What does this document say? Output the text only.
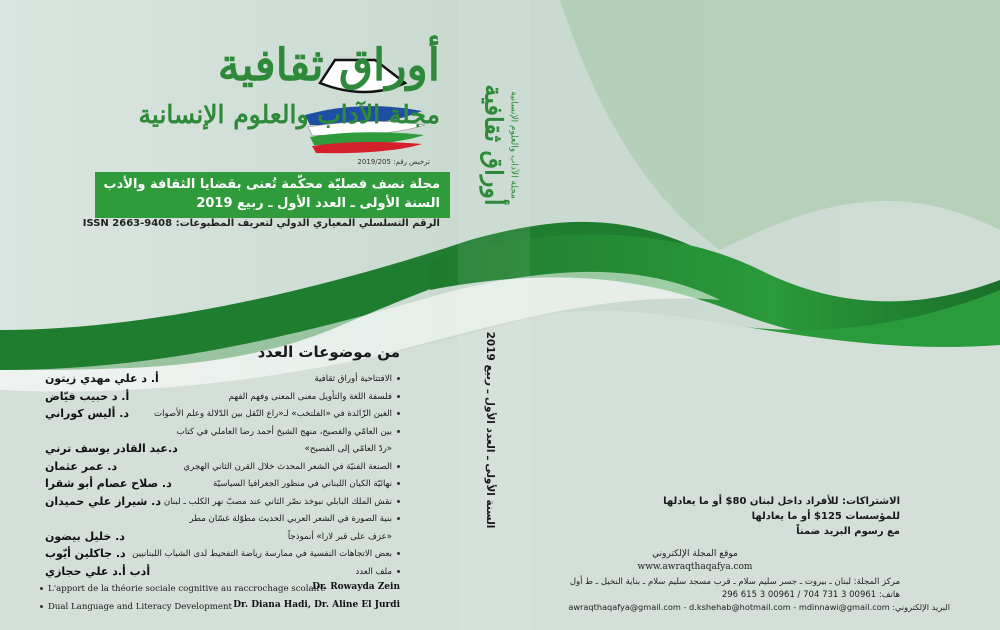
أوراق ثقافية
مجلة الآداب والعلوم الإنسانية
ترخيص رقم: 2019/205
مجلة نصف فصليّة محكّمة تُعنى بقضايا الثقافة والأدب
السنة الأولى ـ العدد الأول ـ ربيع 2019
الرقم التسلسلي المعياري الدولي لتعريف المطبوعات: ISSN 2663-9408
أوراق ثقافية مجلة الآداب والعلوم الإنسانية
السنة الأولى ـ العدد الأول ـ ربيع 2019
من موضوعات العدد
الافتتاحية أوراق ثقافية
أ. د علي مهدي زيتون
فلسفة اللغة والتأويل معنى المعنى وفهم الفهم
أ. د حبيب فيّاض
الغين الزّائدة في «الفلتخب» لـ«راع التّقل بين الدّلالة وعلم الأصوات
د. أليس كوراني
بين العامّي والفصيح، منهج الشيخ أحمد رضا العاملي في كتاب
«ردّ العامّي إلى الفصيح»
د.عبد القادر يوسف ترني
الصنعة الفنيّة في الشعر المحدث خلال القرن الثاني الهجري
د. عمر عثمان
نهائيّة الكيان اللبناني في منظور الجغرافيا السياسيّة
د. صلاح عصام أبو شقرا
نقش الملك البابلي نبوخذ نصّر الثاني عند مصبّ نهر الكلب ـ لبنان
د. شيراز علي حميدان
بنية الصورة في الشعر العربي الحديث مطوّلة غسّان مطر
«عزف على قبر لارا» أنموذجاً
د. خليل بيضون
بعض الاتجاهات النفسية في ممارسة رياضة التفحيط لدى الشباب اللبنانيين
د. جاكلين أيّوب
ملف العدد
أدب أ.د علي حجازي
L'apport de la théorie sociale cognitive au raccrochage scolaire
Dr. Rowayda Zein
Dual Language and Literacy Development Dr. Diana Hadi, Dr. Aline El Jurdi
الاشتراكات: للأفراد داخل لبنان 80$ أو ما يعادلها
للمؤسسات 125$ أو ما يعادلها
مع رسوم البريد ضمناً
موقع المجلة الإلكتروني
www.awraqthaqafya.com
مركز المجلة: لبنان ـ بيروت ـ جسر سليم سلام ـ قرب مسجد سليم سلام ـ بناية النخيل ـ ط أول
هاتف: 00961 3 731 704 / 00961 3 615 296
البريد الإلكتروني: awraqthaqafya@gmail.com - d.kshehab@hotmail.com - mdinnawi@gmail.com
